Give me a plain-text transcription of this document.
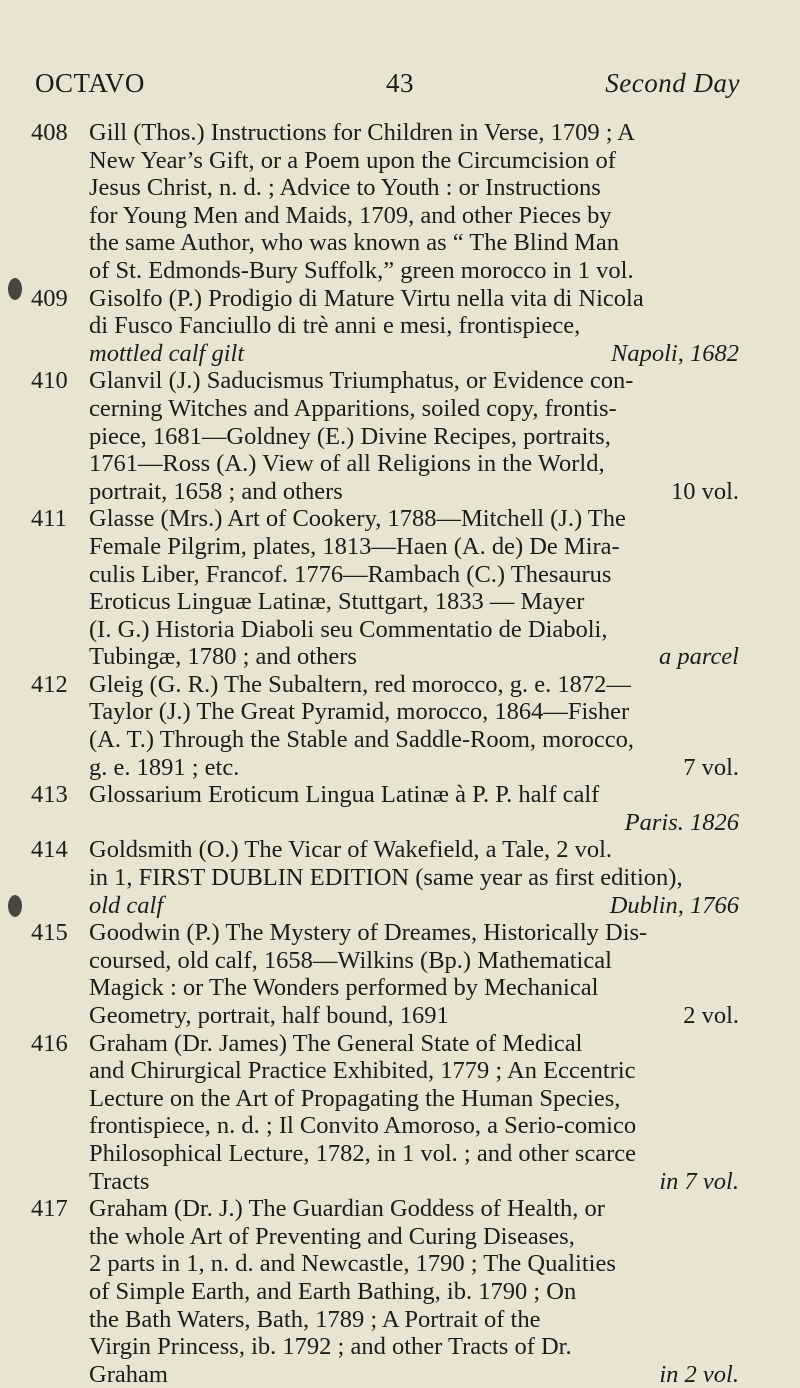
OCTAVO	43	Second Day
408 Gill (Thos.) Instructions for Children in Verse, 1709 ; A
New Year’s Gift, or a Poem upon the Circumcision of
Jesus Christ, n. d. ; Advice to Youth : or Instructions
for Young Men and Maids, 1709, and other Pieces by
the same Author, who was known as “ The Blind Man
of St. Edmonds-Bury Suffolk,” green morocco in 1 vol.
409 Gisolfo (P.) Prodigio di Mature Virtu nella vita di Nicola
di Fusco Fanciullo di trè anni e mesi, frontispiece,
mottled calf gilt	Napoli, 1682
410 Glanvil (J.) Saducismus Triumphatus, or Evidence con-
cerning Witches and Apparitions, soiled copy, frontis-
piece, 1681—Goldney (E.) Divine Recipes, portraits,
1761—Ross (A.) View of all Religions in the World,
portrait, 1658 ; and others	10 vol.
411 Glasse (Mrs.) Art of Cookery, 1788—Mitchell (J.) The
Female Pilgrim, plates, 1813—Haen (A. de) De Mira-
culis Liber, Francof. 1776—Rambach (C.) Thesaurus
Eroticus Linguæ Latinæ, Stuttgart, 1833 — Mayer
(I. G.) Historia Diaboli seu Commentatio de Diaboli,
Tubingæ, 1780 ; and others	a parcel
412 Gleig (G. R.) The Subaltern, red morocco, g. e. 1872—
Taylor (J.) The Great Pyramid, morocco, 1864—Fisher
(A. T.) Through the Stable and Saddle-Room, morocco,
g. e. 1891 ; etc.	7 vol.
413 Glossarium Eroticum Lingua Latinæ à P. P. half calf
Paris. 1826
414 Goldsmith (O.) The Vicar of Wakefield, a Tale, 2 vol.
in 1, FIRST DUBLIN EDITION (same year as first edition),
old calf	Dublin, 1766
415 Goodwin (P.) The Mystery of Dreames, Historically Dis-
coursed, old calf, 1658—Wilkins (Bp.) Mathematical
Magick : or The Wonders performed by Mechanical
Geometry, portrait, half bound, 1691	2 vol.
416 Graham (Dr. James) The General State of Medical
and Chirurgical Practice Exhibited, 1779 ; An Eccentric
Lecture on the Art of Propagating the Human Species,
frontispiece, n. d. ; Il Convito Amoroso, a Serio-comico
Philosophical Lecture, 1782, in 1 vol. ; and other scarce
Tracts	in 7 vol.
417 Graham (Dr. J.) The Guardian Goddess of Health, or
the whole Art of Preventing and Curing Diseases,
2 parts in 1, n. d. and Newcastle, 1790 ; The Qualities
of Simple Earth, and Earth Bathing, ib. 1790 ; On
the Bath Waters, Bath, 1789 ; A Portrait of the
Virgin Princess, ib. 1792 ; and other Tracts of Dr.
Graham	in 2 vol.
